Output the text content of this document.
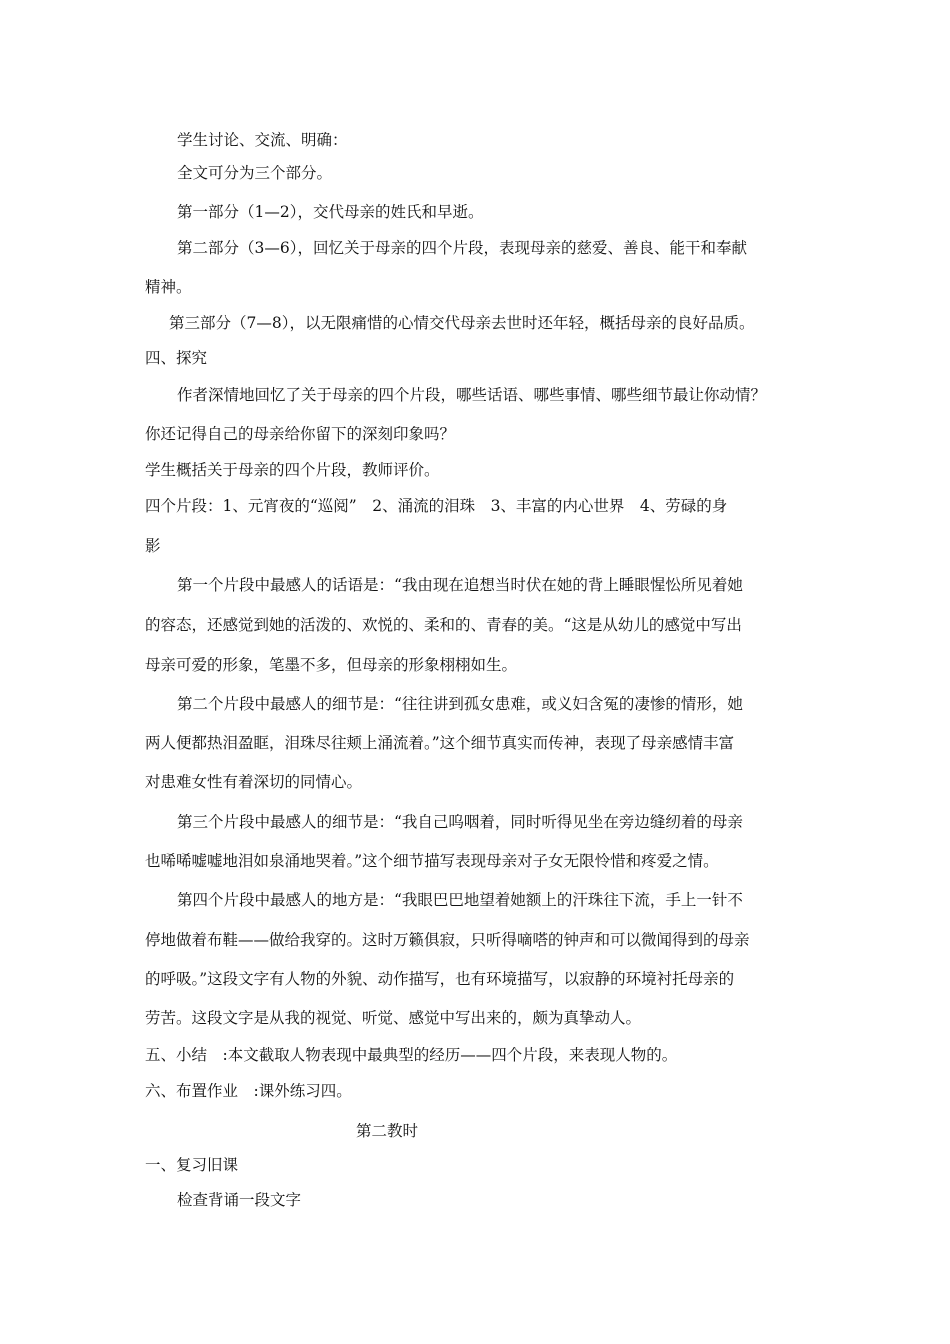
学生讨论、交流、明确：
全文可分为三个部分。
第一部分（1—2），交代母亲的姓氏和早逝。
第二部分（3—6），回忆关于母亲的四个片段，表现母亲的慈爱、善良、能干和奉献
精神。
第三部分（7—8），以无限痛惜的心情交代母亲去世时还年轻，概括母亲的良好品质。
四、探究
作者深情地回忆了关于母亲的四个片段，哪些话语、哪些事情、哪些细节最让你动情？
你还记得自己的母亲给你留下的深刻印象吗？
学生概括关于母亲的四个片段，教师评价。
四个片段：1、元宵夜的“巡阅”　2、涌流的泪珠　3、丰富的内心世界　4、劳碌的身
影
第一个片段中最感人的话语是：“我由现在追想当时伏在她的背上睡眼惺忪所见着她
的容态，还感觉到她的活泼的、欢悦的、柔和的、青春的美。“这是从幼儿的感觉中写出
母亲可爱的形象，笔墨不多，但母亲的形象栩栩如生。
第二个片段中最感人的细节是：“往往讲到孤女患难，或义妇含冤的凄惨的情形，她
两人便都热泪盈眶，泪珠尽往颊上涌流着。”这个细节真实而传神，表现了母亲感情丰富
对患难女性有着深切的同情心。
第三个片段中最感人的细节是：“我自己呜咽着，同时听得见坐在旁边缝纫着的母亲
也唏唏嘘嘘地泪如泉涌地哭着。”这个细节描写表现母亲对子女无限怜惜和疼爱之情。
第四个片段中最感人的地方是：“我眼巴巴地望着她额上的汗珠往下流，手上一针不
停地做着布鞋——做给我穿的。这时万籁俱寂，只听得嘀嗒的钟声和可以微闻得到的母亲
的呼吸。”这段文字有人物的外貌、动作描写，也有环境描写，以寂静的环境衬托母亲的
劳苦。这段文字是从我的视觉、听觉、感觉中写出来的，颇为真挚动人。
五、小结　:本文截取人物表现中最典型的经历——四个片段，来表现人物的。
六、布置作业　:课外练习四。
第二教时
一、复习旧课
检查背诵一段文字
